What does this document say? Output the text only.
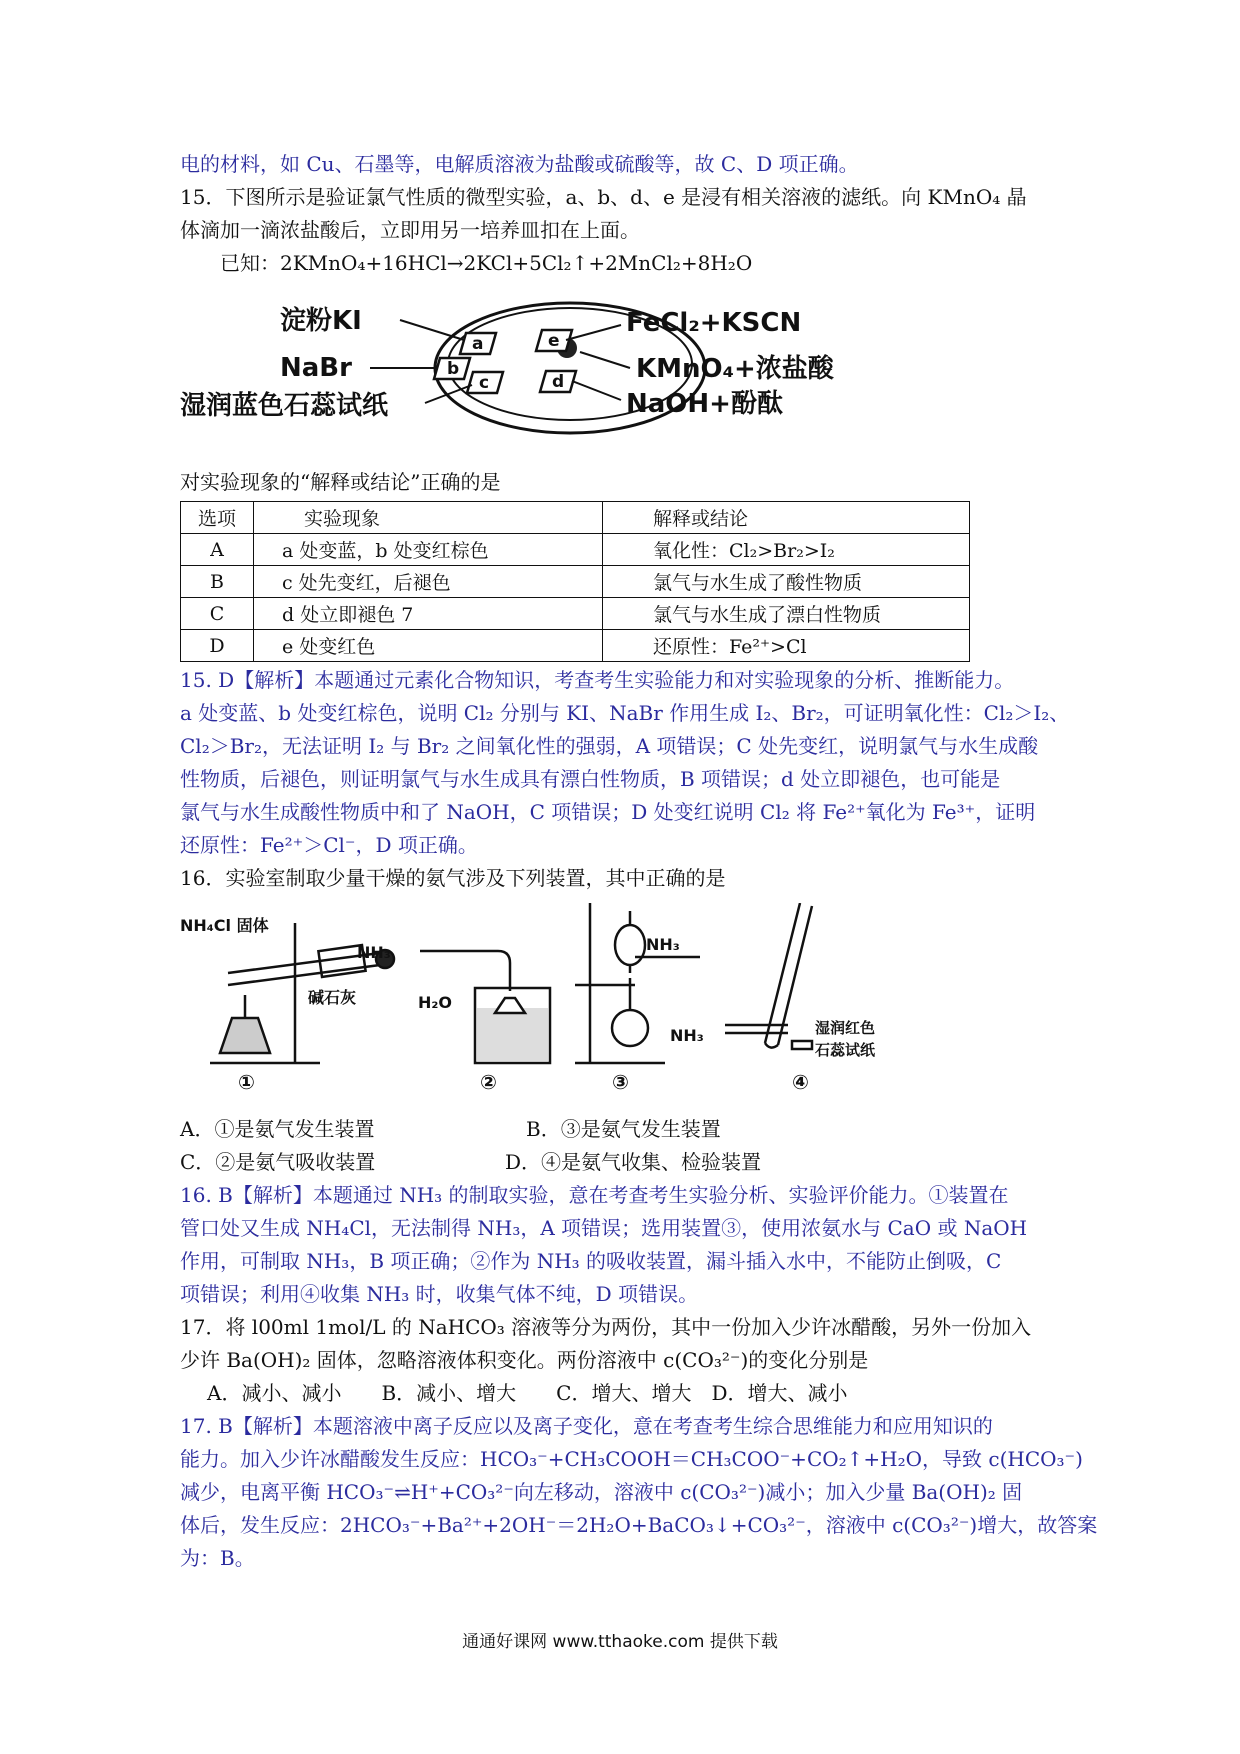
电的材料，如 Cu、石墨等，电解质溶液为盐酸或硫酸等，故 C、D 项正确。
15．下图所示是验证氯气性质的微型实验，a、b、d、e 是浸有相关溶液的滤纸。向 KMnO₄ 晶
体滴加一滴浓盐酸后，立即用另一培养皿扣在上面。
已知：2KMnO₄+16HCl→2KCl+5Cl₂↑+2MnCl₂+8H₂O
a
b
c	d
e
淀粉KI
NaBr
湿润蓝色石蕊试纸
FeCl₂+KSCN
KMnO₄+浓盐酸
NaOH+酚酞
对实验现象的“解释或结论”正确的是
选项	实验现象	解释或结论
A	a 处变蓝，b 处变红棕色	氧化性：Cl₂>Br₂>I₂
B	c 处先变红，后褪色	氯气与水生成了酸性物质
C	d 处立即褪色 7	氯气与水生成了漂白性物质
D	e 处变红色	还原性：Fe²⁺>Cl
15. D【解析】本题通过元素化合物知识，考查考生实验能力和对实验现象的分析、推断能力。
a 处变蓝、b 处变红棕色，说明 Cl₂ 分别与 KI、NaBr 作用生成 I₂、Br₂，可证明氧化性：Cl₂＞I₂、
Cl₂＞Br₂，无法证明 I₂ 与 Br₂ 之间氧化性的强弱，A 项错误；C 处先变红，说明氯气与水生成酸
性物质，后褪色，则证明氯气与水生成具有漂白性物质，B 项错误；d 处立即褪色，也可能是
氯气与水生成酸性物质中和了 NaOH，C 项错误；D 处变红说明 Cl₂ 将 Fe²⁺氧化为 Fe³⁺，证明
还原性：Fe²⁺＞Cl⁻，D 项正确。
16．实验室制取少量干燥的氨气涉及下列装置，其中正确的是
NH₄Cl 固体
碱石灰
NH₃
H₂O
NH₃
NH₃	湿润红色
石蕊试纸
①	②	③	④
A．①是氨气发生装置	B．③是氨气发生装置
C．②是氨气吸收装置	D．④是氨气收集、检验装置
16. B【解析】本题通过 NH₃ 的制取实验，意在考查考生实验分析、实验评价能力。①装置在
管口处又生成 NH₄Cl，无法制得 NH₃，A 项错误；选用装置③，使用浓氨水与 CaO 或 NaOH
作用，可制取 NH₃，B 项正确；②作为 NH₃ 的吸收装置，漏斗插入水中，不能防止倒吸，C
项错误；利用④收集 NH₃ 时，收集气体不纯，D 项错误。
17．将 l00ml 1mol/L 的 NaHCO₃ 溶液等分为两份，其中一份加入少许冰醋酸，另外一份加入
少许 Ba(OH)₂ 固体，忽略溶液体积变化。两份溶液中 c(CO₃²⁻)的变化分别是
A．减小、减小　　B．减小、增大　　C．增大、增大　D．增大、减小
17. B【解析】本题溶液中离子反应以及离子变化，意在考查考生综合思维能力和应用知识的
能力。加入少许冰醋酸发生反应：HCO₃⁻+CH₃COOH＝CH₃COO⁻+CO₂↑+H₂O，导致 c(HCO₃⁻)
减少，电离平衡 HCO₃⁻⇌H⁺+CO₃²⁻向左移动，溶液中 c(CO₃²⁻)减小；加入少量 Ba(OH)₂ 固
体后，发生反应：2HCO₃⁻+Ba²⁺+2OH⁻＝2H₂O+BaCO₃↓+CO₃²⁻，溶液中 c(CO₃²⁻)增大，故答案
为：B。
通通好课网 www.tthaoke.com 提供下载
